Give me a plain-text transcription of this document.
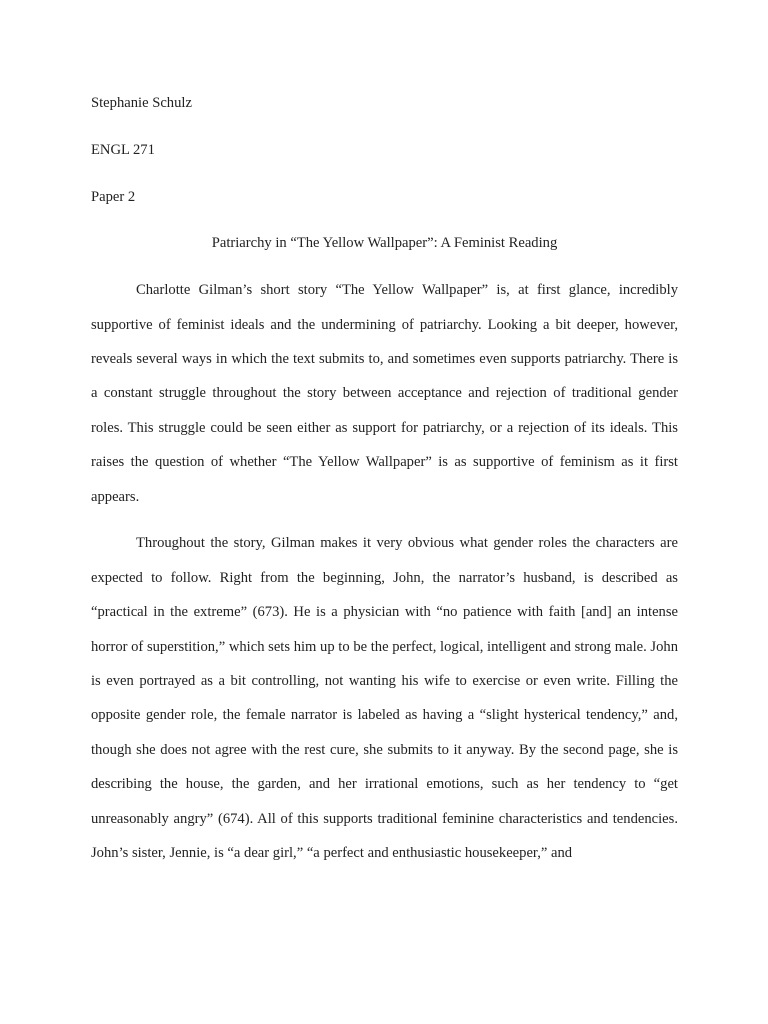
Stephanie Schulz
ENGL 271
Paper 2
Patriarchy in “The Yellow Wallpaper”: A Feminist Reading

Charlotte Gilman’s short story “The Yellow Wallpaper” is, at first glance, incredibly supportive of feminist ideals and the undermining of patriarchy. Looking a bit deeper, however, reveals several ways in which the text submits to, and sometimes even supports patriarchy. There is a constant struggle throughout the story between acceptance and rejection of traditional gender roles. This struggle could be seen either as support for patriarchy, or a rejection of its ideals. This raises the question of whether “The Yellow Wallpaper” is as supportive of feminism as it first appears.

Throughout the story, Gilman makes it very obvious what gender roles the characters are expected to follow. Right from the beginning, John, the narrator’s husband, is described as “practical in the extreme” (673). He is a physician with “no patience with faith [and] an intense horror of superstition,” which sets him up to be the perfect, logical, intelligent and strong male. John is even portrayed as a bit controlling, not wanting his wife to exercise or even write. Filling the opposite gender role, the female narrator is labeled as having a “slight hysterical tendency,” and, though she does not agree with the rest cure, she submits to it anyway. By the second page, she is describing the house, the garden, and her irrational emotions, such as her tendency to “get unreasonably angry” (674). All of this supports traditional feminine characteristics and tendencies. John’s sister, Jennie, is “a dear girl,” “a perfect and enthusiastic housekeeper,” and
